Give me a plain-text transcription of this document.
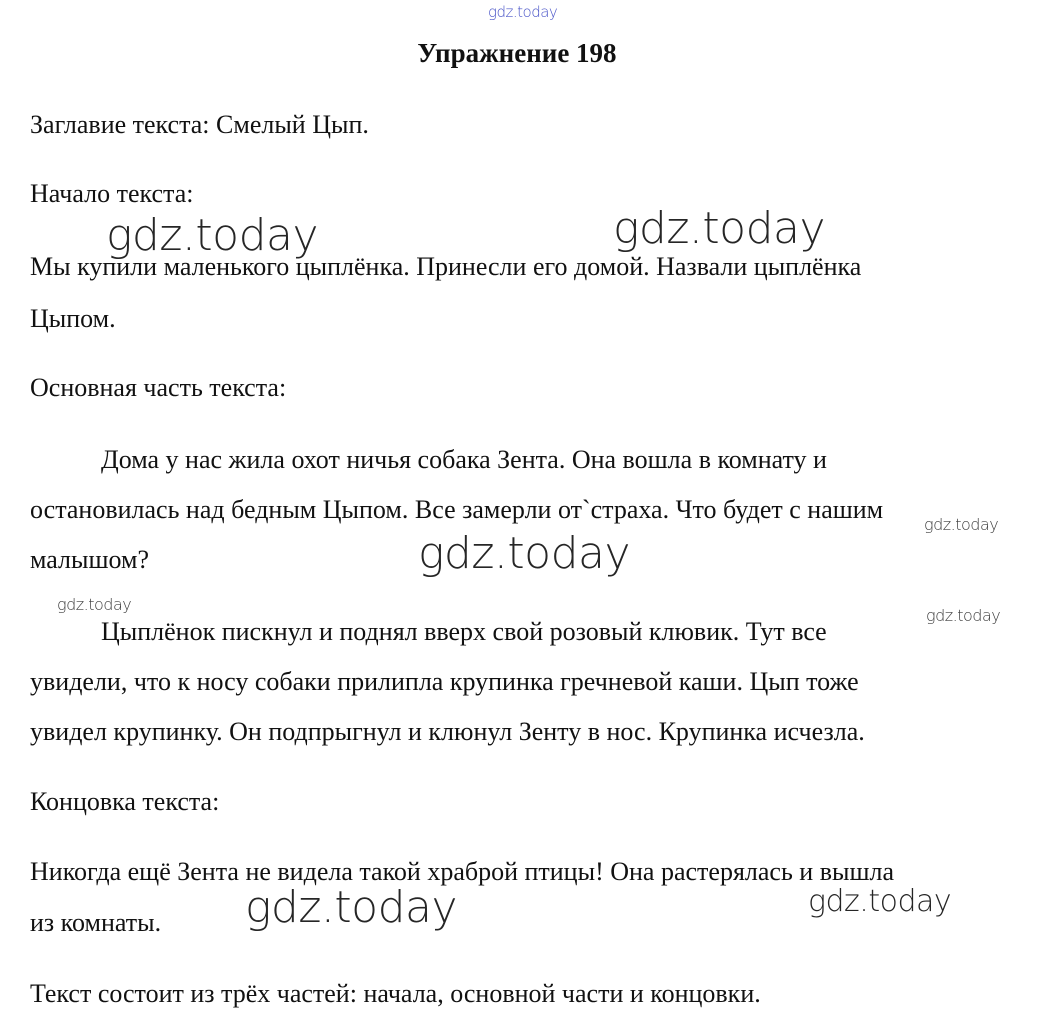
gdz.today
Упражнение 198
Заглавие текста: Смелый Цып.
Начало текста:
Мы купили маленького цыплёнка. Принесли его домой. Назвали цыплёнка
Цыпом.
Основная часть текста:
Дома у нас жила охот ничья собака Зента. Она вошла в комнату и
остановилась над бедным Цыпом. Все замерли от`страха. Что будет с нашим
малышом?
Цыплёнок пискнул и поднял вверх свой розовый клювик. Тут все
увидели, что к носу собаки прилипла крупинка гречневой каши. Цып тоже
увидел крупинку. Он подпрыгнул и клюнул Зенту в нос. Крупинка исчезла.
Концовка текста:
Никогда ещё Зента не видела такой храброй птицы! Она растерялась и вышла
из комнаты.
Текст состоит из трёх частей: начала, основной части и концовки.
gdz.today	gdz.today
gdz.today
gdz.today	gdz.today
gdz.today
gdz.today
gdz.today
